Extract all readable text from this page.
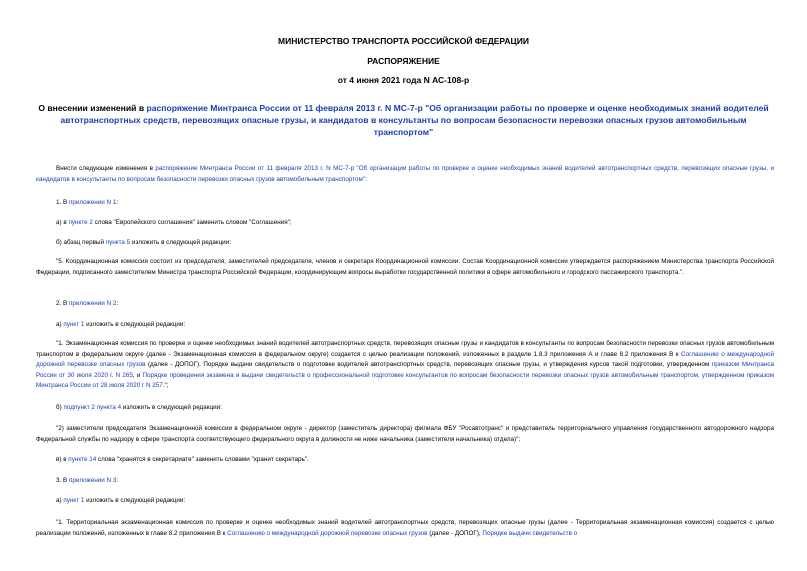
МИНИСТЕРСТВО ТРАНСПОРТА РОССИЙСКОЙ ФЕДЕРАЦИИ
РАСПОРЯЖЕНИЕ
от 4 июня 2021 года N АС-108-р
О внесении изменений в распоряжение Минтранса России от 11 февраля 2013 г. N МС-7-р "Об организации работы по проверке и оценке необходимых знаний водителей автотранспортных средств, перевозящих опасные грузы, и кандидатов в консультанты по вопросам безопасности перевозки опасных грузов автомобильным транспортом"
Внести следующие изменения в распоряжение Минтранса России от 11 февраля 2013 г. N МС-7-р "Об организации работы по проверке и оценке необходимых знаний водителей автотранспортных средств, перевозящих опасные грузы, и кандидатов в консультанты по вопросам безопасности перевозки опасных грузов автомобильным транспортом":
1. В приложении N 1:
а) в пункте 2 слова "Европейского соглашения" заменить словом "Соглашения";
б) абзац первый пункта 5 изложить в следующей редакции:
"5. Координационная комиссия состоит из председателя, заместителей председателя, членов и секретаря Координационной комиссии. Состав Координационной комиссии утверждается распоряжением Министерства транспорта Российской Федерации, подписанного заместителем Министра транспорта Российской Федерации, координирующим вопросы выработки государственной политики в сфере автомобильного и городского пассажирского транспорта.".
2. В приложении N 2:
а) пункт 1 изложить в следующей редакции:
"1. Экзаменационная комиссия по проверке и оценке необходимых знаний водителей автотранспортных средств, перевозящих опасные грузы и кандидатов в консультанты по вопросам безопасности перевозки опасных грузов автомобильным транспортом в федеральном округе (далее - Экзаменационная комиссия в федеральном округе) создается с целью реализации положений, изложенных в разделе 1.8.3 приложения А и главе 8.2 приложения В к Соглашению о международной дорожной перевозке опасных грузов (далее - ДОПОГ). Порядке выдачи свидетельств о подготовке водителей автотранспортных средств, перевозящих опасные грузы, и утверждения курсов такой подготовки, утвержденном приказом Минтранса России от 30 июля 2020 г. N 265, и Порядке проведения экзамена и выдачи свидетельств о профессиональной подготовке консультантов по вопросам безопасности перевозки опасных грузов автомобильным транспортом, утвержденном приказом Минтранса России от 28 июля 2020 г N 257.";
б) подпункт 2 пункта 4 изложить в следующей редакции:
"2) заместители председателя Экзаменационной комиссии в федеральном округе - директор (заместитель директора) филиала ФБУ "Росавтотранс" и представитель территориального управления государственного автодорожного надзора Федеральной службы по надзору в сфере транспорта соответствующего федерального округа в должности не ниже начальника (заместителя начальника) отдела)";
в) в пункте 14 слова "хранятся в секретариате" заменить словами "хранит секретарь".
3. В приложении N 3:
а) пункт 1 изложить в следующей редакции:
"1. Территориальная экзаменационная комиссия по проверке и оценке необходимых знаний водителей автотранспортных средств, перевозящих опасные грузы (далее - Территориальная экзаменационная комиссия) создается с целью реализации положений, изложенных в главе 8.2 приложения В к Соглашению о международной дорожной перевозке опасных грузов (далее - ДОПОГ), Порядке выдачи свидетельств о
